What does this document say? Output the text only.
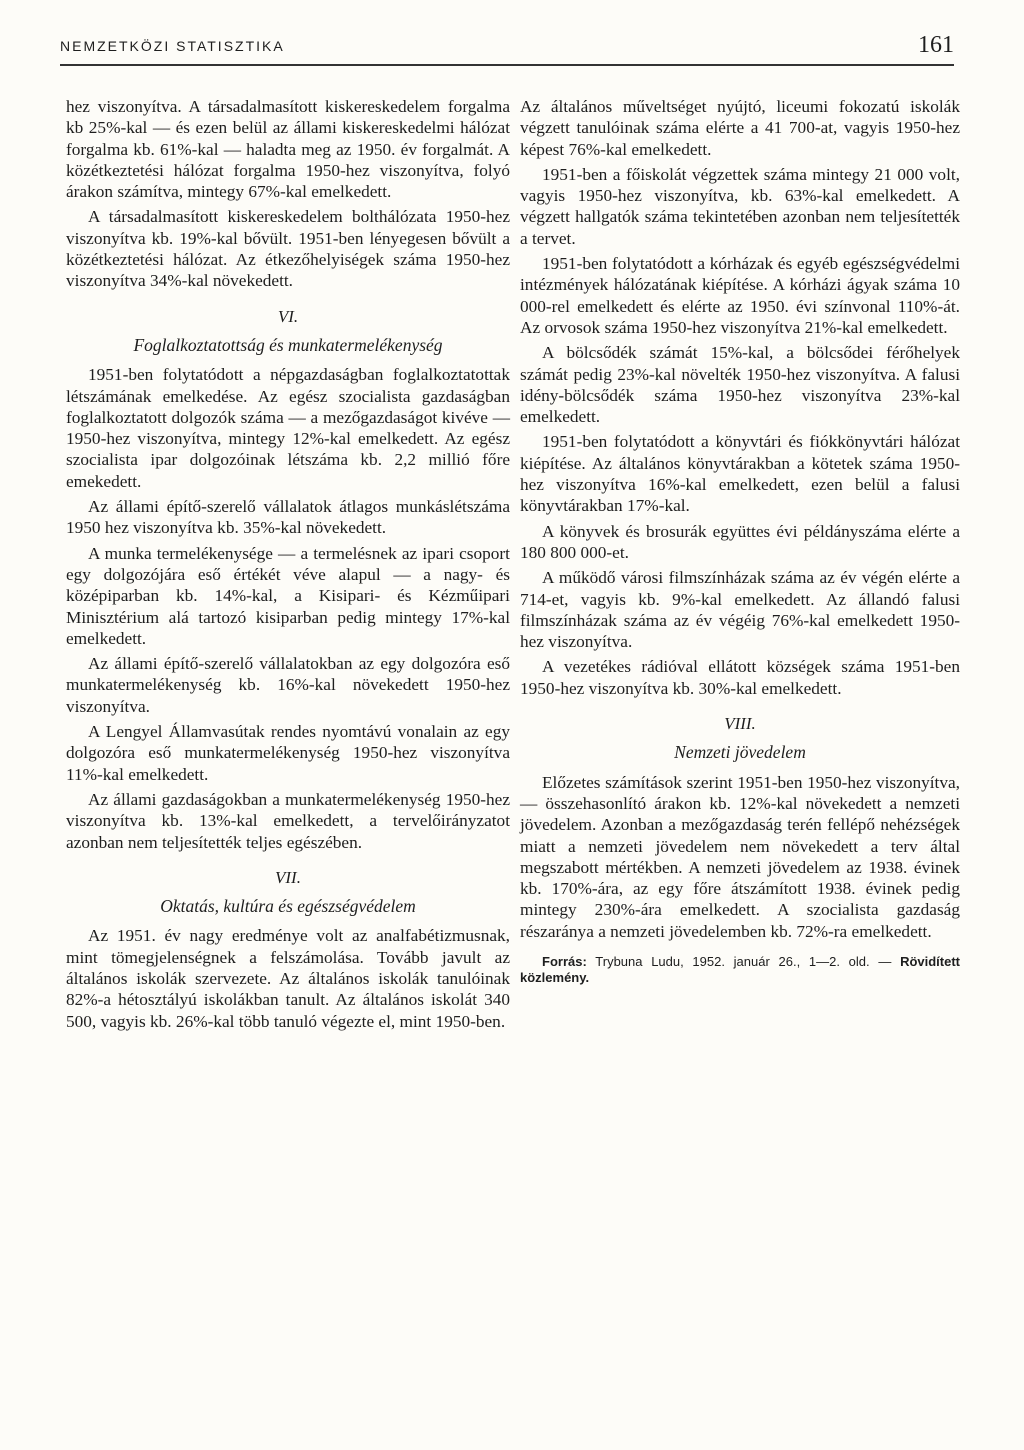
NEMZETKÖZI STATISZTIKA	161

hez viszonyítva. A társadalmasított kiskereskedelem forgalma kb 25%-kal — és ezen belül az állami kiskereskedelmi hálózat forgalma kb. 61%-kal — haladta meg az 1950. év forgalmát. A közétkeztetési hálózat forgalma 1950-hez viszonyítva, folyó árakon számítva, mintegy 67%-kal emelkedett.

A társadalmasított kiskereskedelem bolthálózata 1950-hez viszonyítva kb. 19%-kal bővült. 1951-ben lényegesen bővült a közétkeztetési hálózat. Az étkezőhelyiségek száma 1950-hez viszonyítva 34%-kal növekedett.

VI.
Foglalkoztatottság és munkatermelékenység

1951-ben folytatódott a népgazdaságban foglalkoztatottak létszámának emelkedése. Az egész szocialista gazdaságban foglalkoztatott dolgozók száma — a mezőgazdaságot kivéve — 1950-hez viszonyítva, mintegy 12%-kal emelkedett. Az egész szocialista ipar dolgozóinak létszáma kb. 2,2 millió főre emekedett.

Az állami építő-szerelő vállalatok átlagos munkáslétszáma 1950 hez viszonyítva kb. 35%-kal növekedett.

A munka termelékenysége — a termelésnek az ipari csoport egy dolgozójára eső értékét véve alapul — a nagy- és középiparban kb. 14%-kal, a Kisipari- és Kézműipari Minisztérium alá tartozó kisiparban pedig mintegy 17%-kal emelkedett.

Az állami építő-szerelő vállalatokban az egy dolgozóra eső munkatermelékenység kb. 16%-kal növekedett 1950-hez viszonyítva.

A Lengyel Államvasútak rendes nyomtávú vonalain az egy dolgozóra eső munkatermelékenység 1950-hez viszonyítva 11%-kal emelkedett.

Az állami gazdaságokban a munkatermelékenység 1950-hez viszonyítva kb. 13%-kal emelkedett, a tervelőirányzatot azonban nem teljesítették teljes egészében.

VII.
Oktatás, kultúra és egészségvédelem

Az 1951. év nagy eredménye volt az analfabétizmusnak, mint tömegjelenségnek a felszámolása. Tovább javult az általános iskolák szervezete. Az általános iskolák tanulóinak 82%-a hétosztályú iskolákban tanult. Az általános iskolát 340 500, vagyis kb. 26%-kal több tanuló végezte el, mint 1950-ben.

Az általános műveltséget nyújtó, liceumi fokozatú iskolák végzett tanulóinak száma elérte a 41 700-at, vagyis 1950-hez képest 76%-kal emelkedett.

1951-ben a főiskolát végzettek száma mintegy 21 000 volt, vagyis 1950-hez viszonyítva, kb. 63%-kal emelkedett. A végzett hallgatók száma tekintetében azonban nem teljesítették a tervet.

1951-ben folytatódott a kórházak és egyéb egészségvédelmi intézmények hálózatának kiépítése. A kórházi ágyak száma 10 000-rel emelkedett és elérte az 1950. évi színvonal 110%-át. Az orvosok száma 1950-hez viszonyítva 21%-kal emelkedett.

A bölcsődék számát 15%-kal, a bölcsődei férőhelyek számát pedig 23%-kal növelték 1950-hez viszonyítva. A falusi idény-bölcsődék száma 1950-hez viszonyítva 23%-kal emelkedett.

1951-ben folytatódott a könyvtári és fiókkönyvtári hálózat kiépítése. Az általános könyvtárakban a kötetek száma 1950-hez viszonyítva 16%-kal emelkedett, ezen belül a falusi könyvtárakban 17%-kal.

A könyvek és brosurák együttes évi példányszáma elérte a 180 800 000-et.

A működő városi filmszínházak száma az év végén elérte a 714-et, vagyis kb. 9%-kal emelkedett. Az állandó falusi filmszínházak száma az év végéig 76%-kal emelkedett 1950-hez viszonyítva.

A vezetékes rádióval ellátott községek száma 1951-ben 1950-hez viszonyítva kb. 30%-kal emelkedett.

VIII.
Nemzeti jövedelem

Előzetes számítások szerint 1951-ben 1950-hez viszonyítva, — összehasonlító árakon kb. 12%-kal növekedett a nemzeti jövedelem. Azonban a mezőgazdaság terén fellépő nehézségek miatt a nemzeti jövedelem nem növekedett a terv által megszabott mértékben. A nemzeti jövedelem az 1938. évinek kb. 170%-ára, az egy főre átszámított 1938. évinek pedig mintegy 230%-ára emelkedett. A szocialista gazdaság részaránya a nemzeti jövedelemben kb. 72%-ra emelkedett.

Forrás: Trybuna Ludu, 1952. január 26., 1—2. old. — Rövidített közlemény.
